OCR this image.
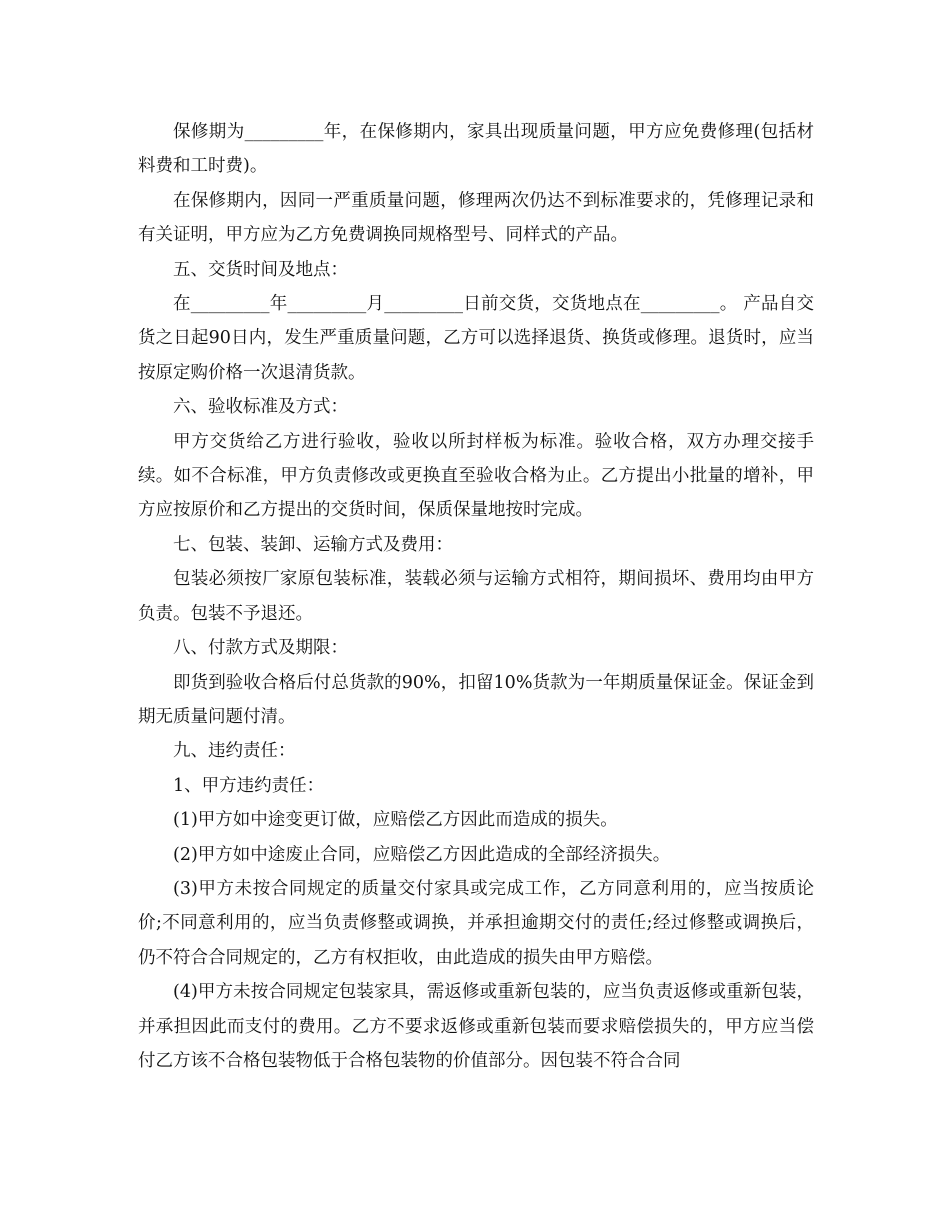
保修期为_________年，在保修期内，家具出现质量问题，甲方应免费修理(包括材料费和工时费)。

在保修期内，因同一严重质量问题，修理两次仍达不到标准要求的，凭修理记录和有关证明，甲方应为乙方免费调换同规格型号、同样式的产品。

五、交货时间及地点：

在_________年_________月_________日前交货，交货地点在_________。 产品自交货之日起90日内，发生严重质量问题，乙方可以选择退货、换货或修理。退货时，应当按原定购价格一次退清货款。

六、验收标准及方式：

甲方交货给乙方进行验收，验收以所封样板为标准。验收合格，双方办理交接手续。如不合标准，甲方负责修改或更换直至验收合格为止。乙方提出小批量的增补，甲方应按原价和乙方提出的交货时间，保质保量地按时完成。

七、包装、装卸、运输方式及费用：

包装必须按厂家原包装标准，装载必须与运输方式相符，期间损坏、费用均由甲方负责。包装不予退还。

八、付款方式及期限：

即货到验收合格后付总货款的90%，扣留10%货款为一年期质量保证金。保证金到期无质量问题付清。

九、违约责任：

1、甲方违约责任：

(1)甲方如中途变更订做，应赔偿乙方因此而造成的损失。

(2)甲方如中途废止合同，应赔偿乙方因此造成的全部经济损失。

(3)甲方未按合同规定的质量交付家具或完成工作，乙方同意利用的，应当按质论价;不同意利用的，应当负责修整或调换，并承担逾期交付的责任;经过修整或调换后，仍不符合合同规定的，乙方有权拒收，由此造成的损失由甲方赔偿。

(4)甲方未按合同规定包装家具，需返修或重新包装的，应当负责返修或重新包装，并承担因此而支付的费用。乙方不要求返修或重新包装而要求赔偿损失的，甲方应当偿付乙方该不合格包装物低于合格包装物的价值部分。因包装不符合合同
